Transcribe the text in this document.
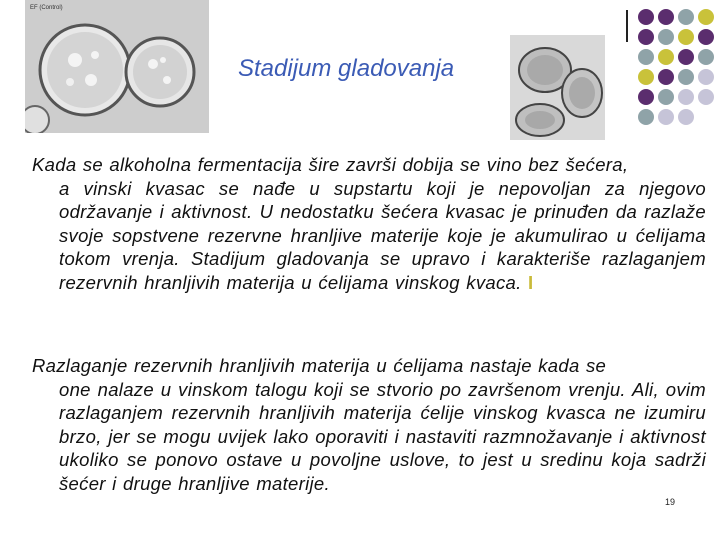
EF (Control)
Stadijum gladovanja
Kada se alkoholna fermentacija šire završi dobija se vino bez šećera,
a vinski kvasac se nađe u supstartu koji je nepovoljan za njegovo održavanje i aktivnost. U nedostatku šećera kvasac je prinuđen da razlaže svoje sopstvene rezervne hranljive materije koje je akumulirao u ćelijama tokom vrenja. Stadijum gladovanja se upravo i karakteriše razlaganjem rezervnih hranljivih materija u ćelijama vinskog kvaca. I
Razlaganje rezervnih hranljivih materija u ćelijama nastaje kada se
one nalaze u vinskom talogu koji se stvorio po završenom vrenju. Ali, ovim razlaganjem rezervnih hranljivih materija ćelije vinskog kvasca ne izumiru brzo, jer se mogu uvijek lako oporaviti i nastaviti razmnožavanje i aktivnost ukoliko se ponovo ostave u povoljne uslove, to jest u sredinu koja sadrži šećer i druge hranljive materije.
19
